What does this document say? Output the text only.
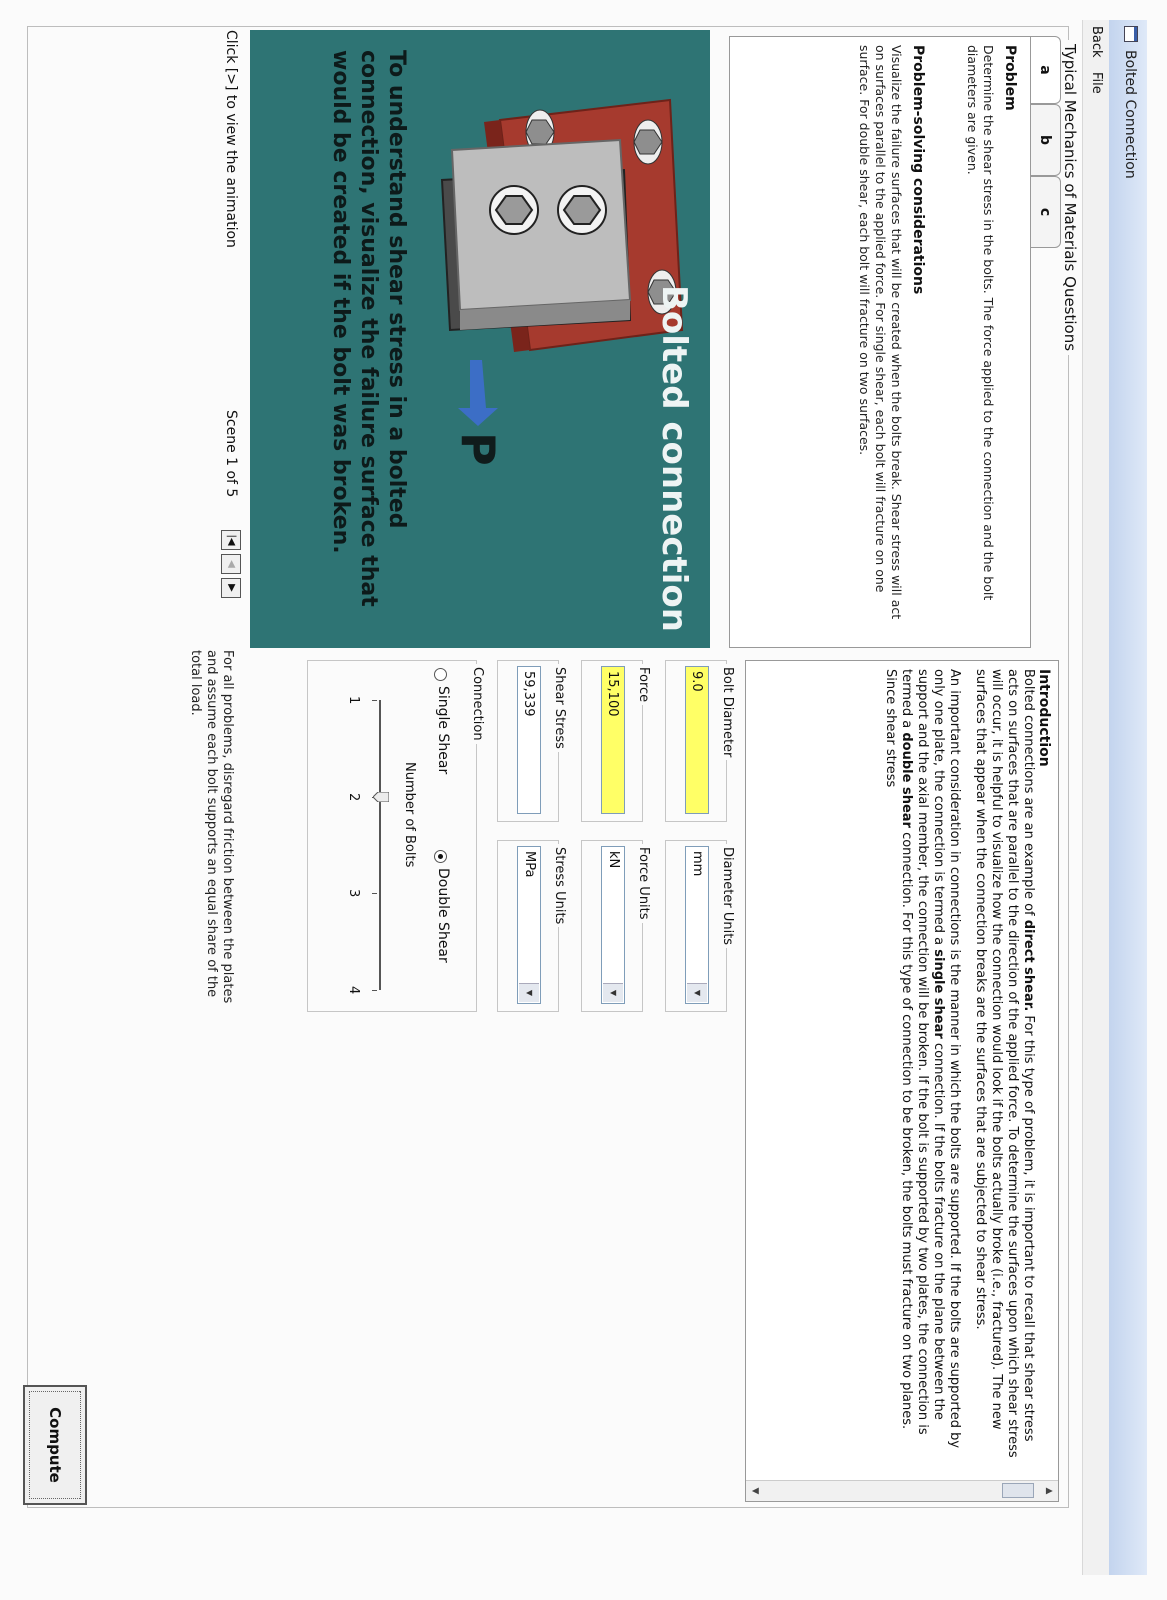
Bolted Connection
Back
File
Typical Mechanics of Materials Questions
a
b
c
Problem

Determine the shear stress in the bolts. The force applied to the connection and the bolt diameters are given.

Problem-solving considerations

Visualize the failure surfaces that will be created when the bolts break. Shear stress will act on surfaces parallel to the applied force. For single shear, each bolt will fracture on one surface. For double shear, each bolt will fracture on two surfaces.

Introduction

Bolted connections are an example of direct shear. For this type of problem, it is important to recall that shear stress acts on surfaces that are parallel to the direction of the applied force. To determine the surfaces upon which shear stress will occur, it is helpful to visualize how the connection would look if the bolts actually broke (i.e., fractured). The new surfaces that appear when the connection breaks are the surfaces that are subjected to shear stress.

An important consideration in connections is the manner in which the bolts are supported. If the bolts are supported by only one plate, the connection is termed a single shear connection. If the bolts fracture on the plane between the support and the axial member, the connection will be broken. If the bolt is supported by two plates, the connection is termed a double shear connection. For this type of connection to be broken, the bolts must fracture on two planes. Since shear stress

▲
▼
Bolt Diameter
9.0
Diameter Units
mm
▼
Force
15,100
Force Units
kN
▼
Shear Stress
59,339
Stress Units
MPa
▼
Connection
Single Shear
Double Shear
Number of Bolts
1
2
3
4
For all problems, disregard friction between the plates and assume each bolt supports an equal share of the total load.
Compute
Bolted connection
P
To understand shear stress in a bolted connection, visualize the failure surface that would be created if the bolt was broken.
Click [>] to view the animation
Scene 1 of 5
|◀
◀
▶
